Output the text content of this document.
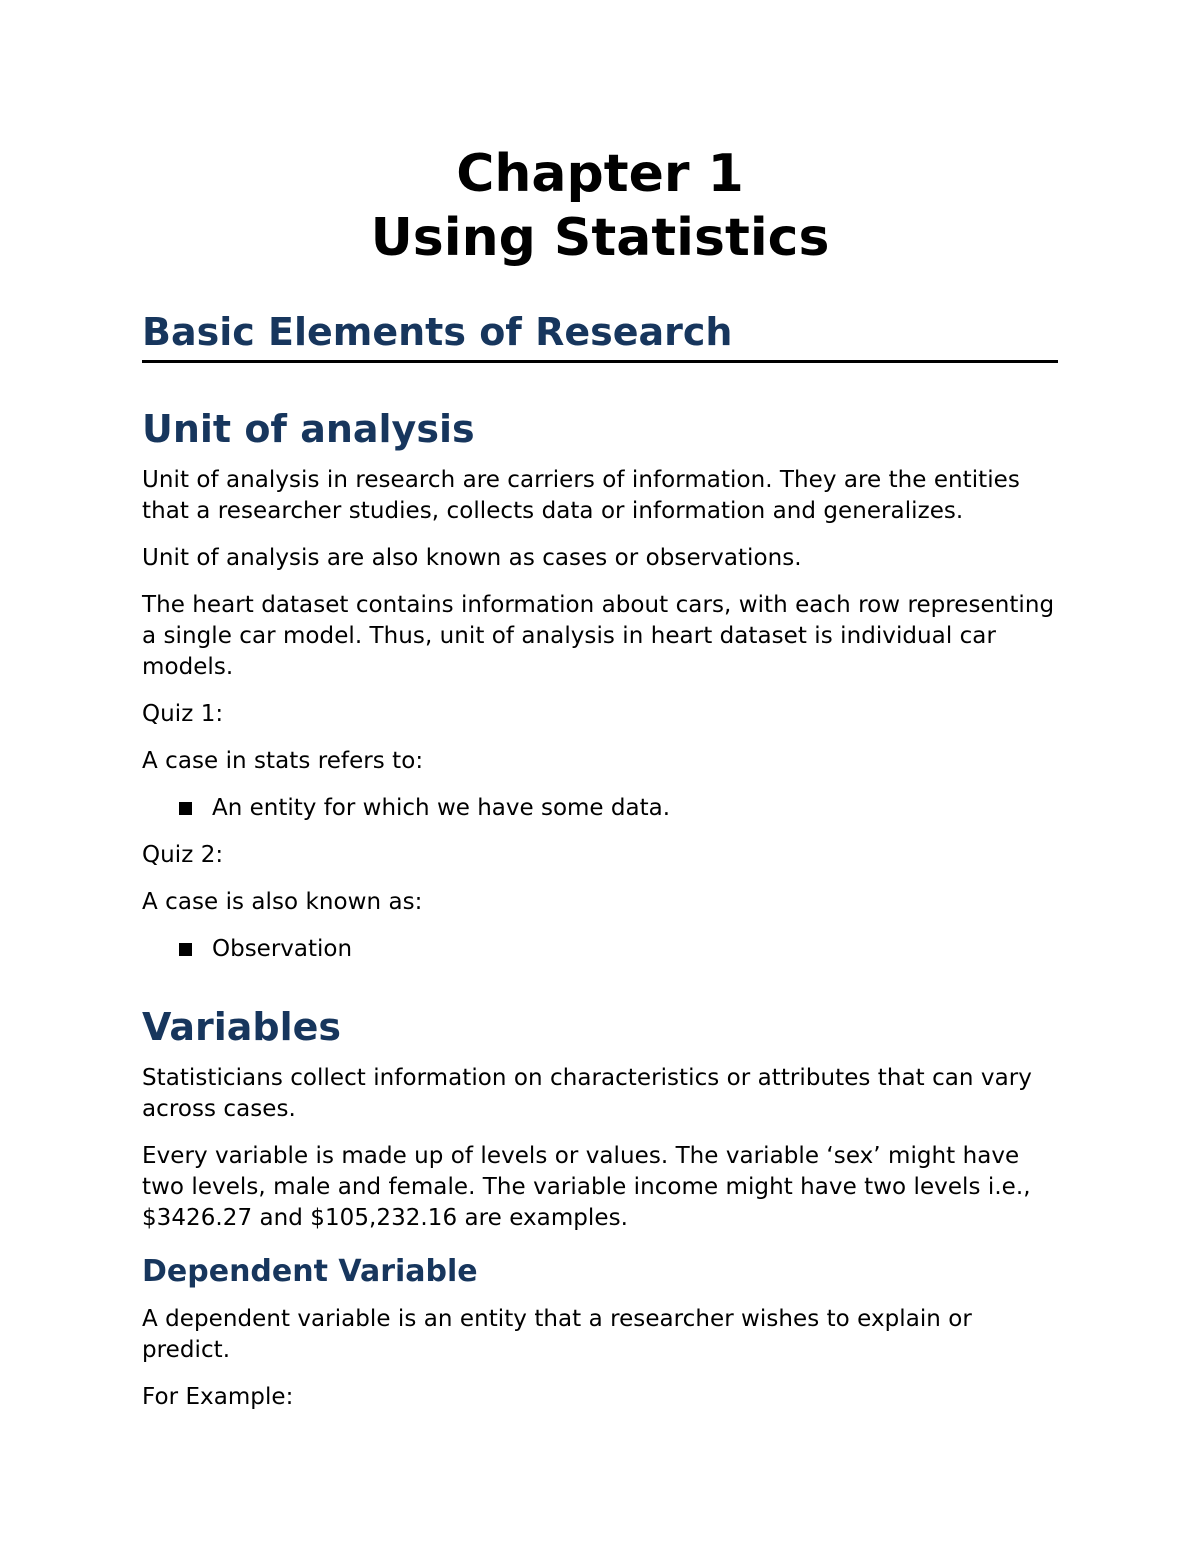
Chapter 1
Using Statistics
Basic Elements of Research
Unit of analysis

Unit of analysis in research are carriers of information. They are the entities that a researcher studies, collects data or information and generalizes.

Unit of analysis are also known as cases or observations.

The heart dataset contains information about cars, with each row representing a single car model. Thus, unit of analysis in heart dataset is individual car models.

Quiz 1:

A case in stats refers to:

An entity for which we have some data.

Quiz 2:

A case is also known as:

Observation
Variables

Statisticians collect information on characteristics or attributes that can vary across cases.

Every variable is made up of levels or values. The variable ‘sex’ might have two levels, male and female. The variable income might have two levels i.e., $3426.27 and $105,232.16 are examples.

Dependent Variable

A dependent variable is an entity that a researcher wishes to explain or predict.

For Example:
